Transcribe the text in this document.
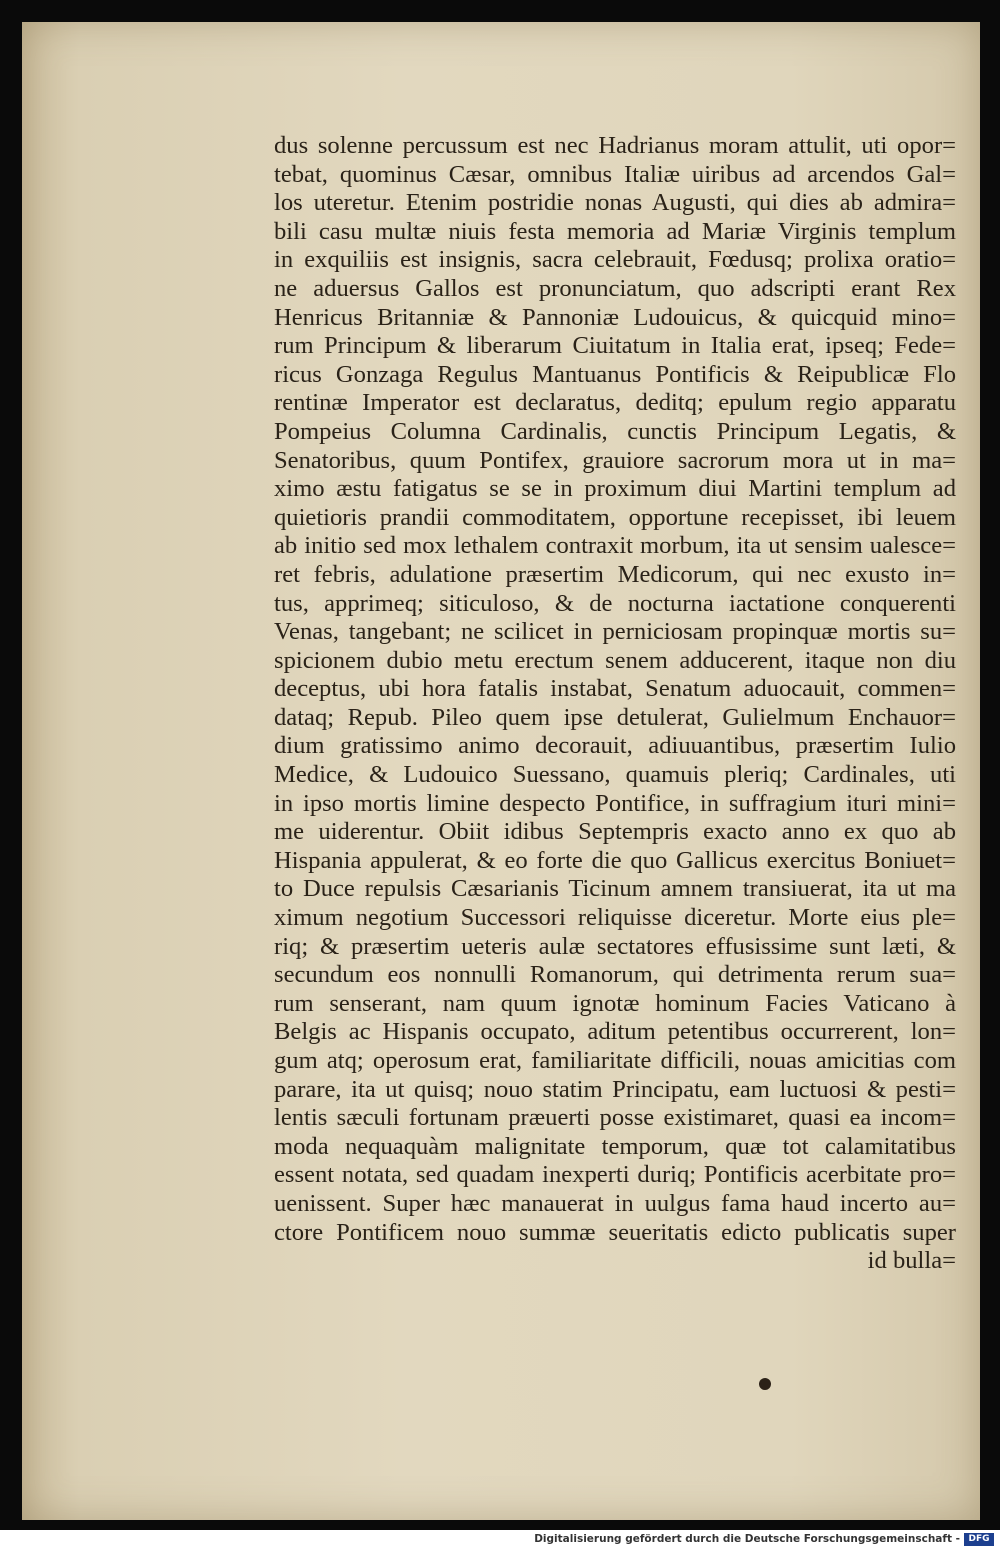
dus solenne percussum est nec Hadrianus moram attulit, uti opor=
tebat, quominus Cæsar, omnibus Italiæ uiribus ad arcendos Gal=
los uteretur. Etenim postridie nonas Augusti, qui dies ab admira=
bili casu multæ niuis festa memoria ad Mariæ Virginis templum
in exquiliis est insignis, sacra celebrauit, Fœdusq; prolixa oratio=
ne aduersus Gallos est pronunciatum, quo adscripti erant Rex
Henricus Britanniæ & Pannoniæ Ludouicus, & quicquid mino=
rum Principum & liberarum Ciuitatum in Italia erat, ipseq; Fede=
ricus Gonzaga Regulus Mantuanus Pontificis & Reipublicæ Flo
rentinæ Imperator est declaratus, deditq; epulum regio apparatu
Pompeius Columna Cardinalis, cunctis Principum Legatis, &
Senatoribus, quum Pontifex, grauiore sacrorum mora ut in ma=
ximo æstu fatigatus se se in proximum diui Martini templum ad
quietioris prandii commoditatem, opportune recepisset, ibi leuem
ab initio sed mox lethalem contraxit morbum, ita ut sensim ualesce=
ret febris, adulatione præsertim Medicorum, qui nec exusto in=
tus, apprimeq; siticuloso, & de nocturna iactatione conquerenti
Venas, tangebant; ne scilicet in perniciosam propinquæ mortis su=
spicionem dubio metu erectum senem adducerent, itaque non diu
deceptus, ubi hora fatalis instabat, Senatum aduocauit, commen=
dataq; Repub. Pileo quem ipse detulerat, Gulielmum Enchauor=
dium gratissimo animo decorauit, adiuuantibus, præsertim Iulio
Medice, & Ludouico Suessano, quamuis pleriq; Cardinales, uti
in ipso mortis limine despecto Pontifice, in suffragium ituri mini=
me uiderentur. Obiit idibus Septempris exacto anno ex quo ab
Hispania appulerat, & eo forte die quo Gallicus exercitus Boniuet=
to Duce repulsis Cæsarianis Ticinum amnem transiuerat, ita ut ma
ximum negotium Successori reliquisse diceretur. Morte eius ple=
riq; & præsertim ueteris aulæ sectatores effusissime sunt læti, &
secundum eos nonnulli Romanorum, qui detrimenta rerum sua=
rum senserant, nam quum ignotæ hominum Facies Vaticano à
Belgis ac Hispanis occupato, aditum petentibus occurrerent, lon=
gum atq; operosum erat, familiaritate difficili, nouas amicitias com
parare, ita ut quisq; nouo statim Principatu, eam luctuosi & pesti=
lentis sæculi fortunam præuerti posse existimaret, quasi ea incom=
moda nequaquàm malignitate temporum, quæ tot calamitatibus
essent notata, sed quadam inexperti duriq; Pontificis acerbitate pro=
uenissent. Super hæc manauerat in uulgus fama haud incerto au=
ctore Pontificem nouo summæ seueritatis edicto publicatis super
id bulla=
Digitalisierung gefördert durch die Deutsche Forschungsgemeinschaft - DFG
